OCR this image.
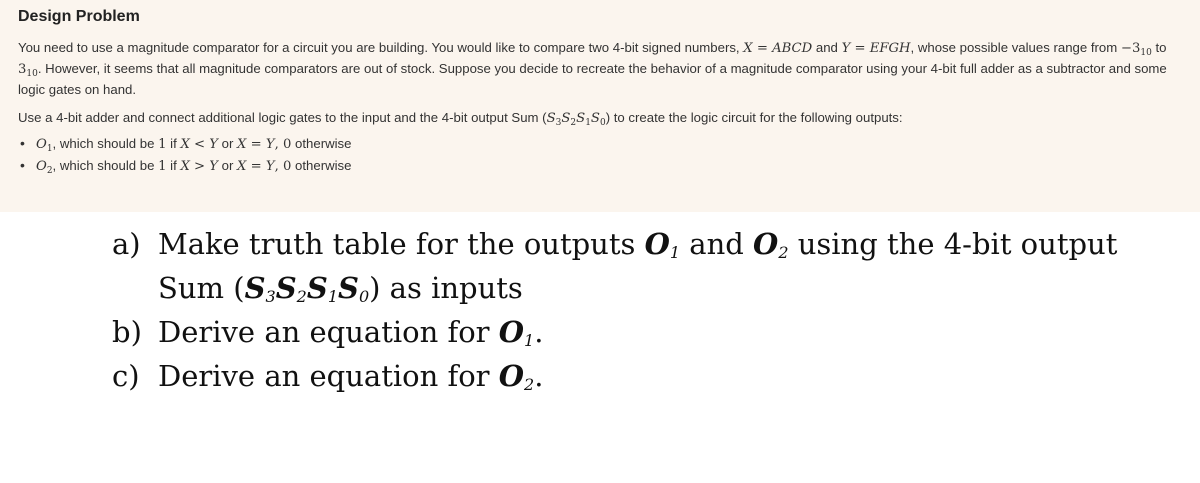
Design Problem

You need to use a magnitude comparator for a circuit you are building. You would like to compare two 4-bit signed numbers, X = ABCD and Y = EFGH, whose possible values range from $-3_{10}$ to $3_{10}$. However, it seems that all magnitude comparators are out of stock. Suppose you decide to recreate the behavior of a magnitude comparator using your 4-bit full adder as a subtractor and some logic gates on hand.

Use a 4-bit adder and connect additional logic gates to the input and the 4-bit output Sum $(S_3S_2S_1S_0)$ to create the logic circuit for the following outputs:

• $O_1$, which should be 1 if X < Y or X = Y, 0 otherwise
• $O_2$, which should be 1 if X > Y or X = Y, 0 otherwise
a) Make truth table for the outputs O1 and O2 using the 4-bit output
Sum (S3S2S1S0) as inputs
b) Derive an equation for O1.
c) Derive an equation for O2.
